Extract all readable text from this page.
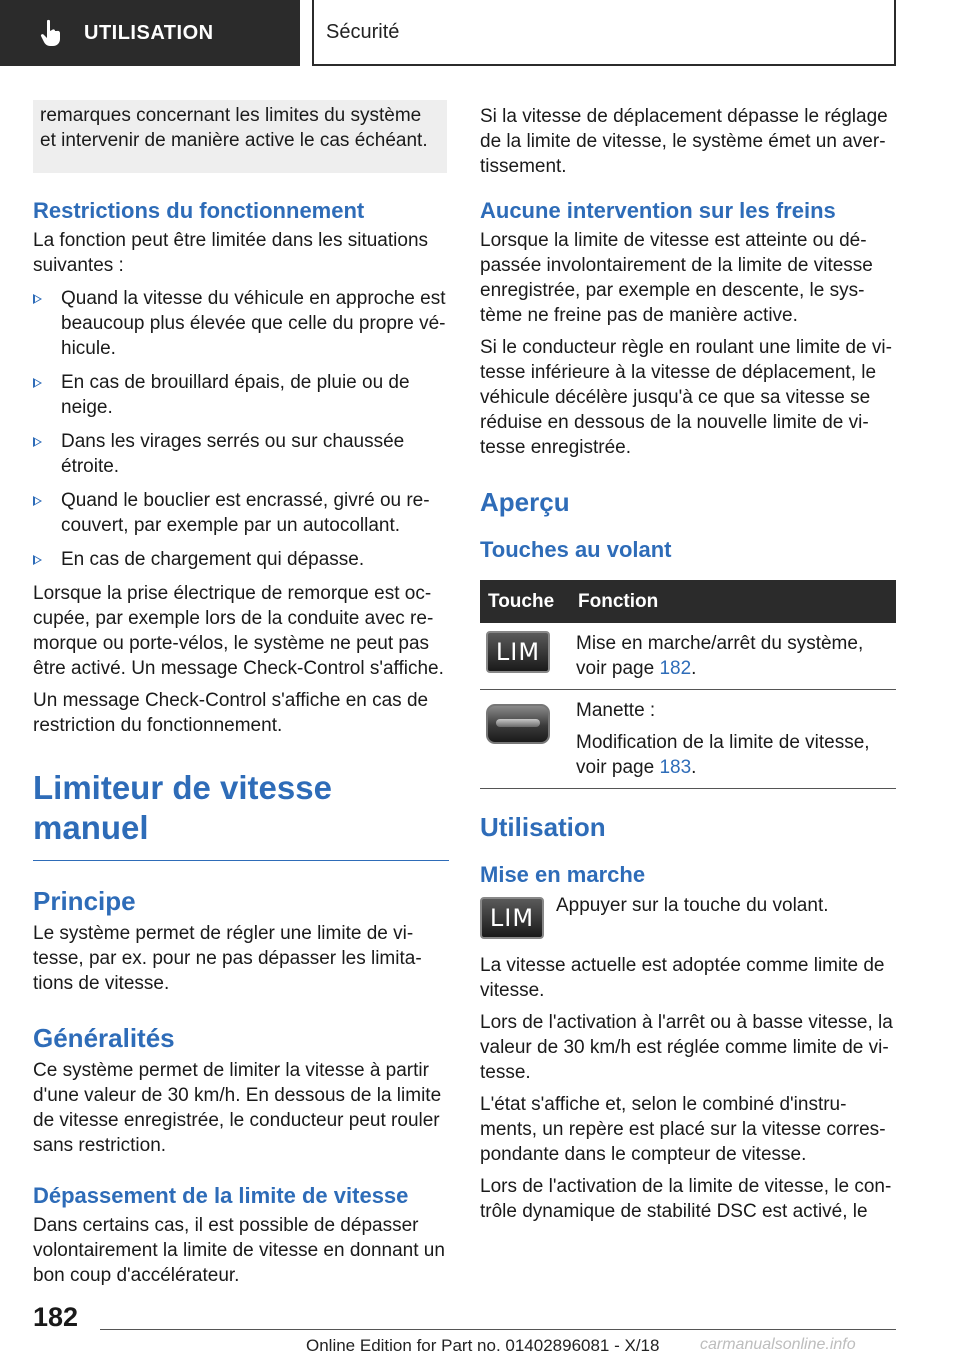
UTILISATION	Sécurité
remarques concernant les limites du système et intervenir de manière active le cas échéant.
Restrictions du fonctionnement
La fonction peut être limitée dans les situations suivantes :
Quand la vitesse du véhicule en approche est beaucoup plus élevée que celle du propre véhicule.
En cas de brouillard épais, de pluie ou de neige.
Dans les virages serrés ou sur chaussée étroite.
Quand le bouclier est encrassé, givré ou recouvert, par exemple par un autocollant.
En cas de chargement qui dépasse.
Lorsque la prise électrique de remorque est occupée, par exemple lors de la conduite avec remorque ou porte-vélos, le système ne peut pas être activé. Un message Check-Control s'affiche.
Un message Check-Control s'affiche en cas de restriction du fonctionnement.
Limiteur de vitesse manuel
Principe
Le système permet de régler une limite de vitesse, par ex. pour ne pas dépasser les limitations de vitesse.
Généralités
Ce système permet de limiter la vitesse à partir d'une valeur de 30 km/h. En dessous de la limite de vitesse enregistrée, le conducteur peut rouler sans restriction.
Dépassement de la limite de vitesse
Dans certains cas, il est possible de dépasser volontairement la limite de vitesse en donnant un bon coup d'accélérateur.
Si la vitesse de déplacement dépasse le réglage de la limite de vitesse, le système émet un avertissement.
Aucune intervention sur les freins
Lorsque la limite de vitesse est atteinte ou dépassée involontairement de la limite de vitesse enregistrée, par exemple en descente, le système ne freine pas de manière active.
Si le conducteur règle en roulant une limite de vitesse inférieure à la vitesse de déplacement, le véhicule décélère jusqu'à ce que sa vitesse se réduise en dessous de la nouvelle limite de vitesse enregistrée.
Aperçu
Touches au volant
Touche	Fonction

LIM	Mise en marche/arrêt du système, voir page 182.

	Manette :
Modification de la limite de vitesse, voir page 183.
Utilisation
Mise en marche
LIM	Appuyer sur la touche du volant.
La vitesse actuelle est adoptée comme limite de vitesse.
Lors de l'activation à l'arrêt ou à basse vitesse, la valeur de 30 km/h est réglée comme limite de vitesse.
L'état s'affiche et, selon le combiné d'instruments, un repère est placé sur la vitesse correspondante dans le compteur de vitesse.
Lors de l'activation de la limite de vitesse, le contrôle dynamique de stabilité DSC est activé, le
182
Online Edition for Part no. 01402896081 - X/18	carmanualsonline.info
